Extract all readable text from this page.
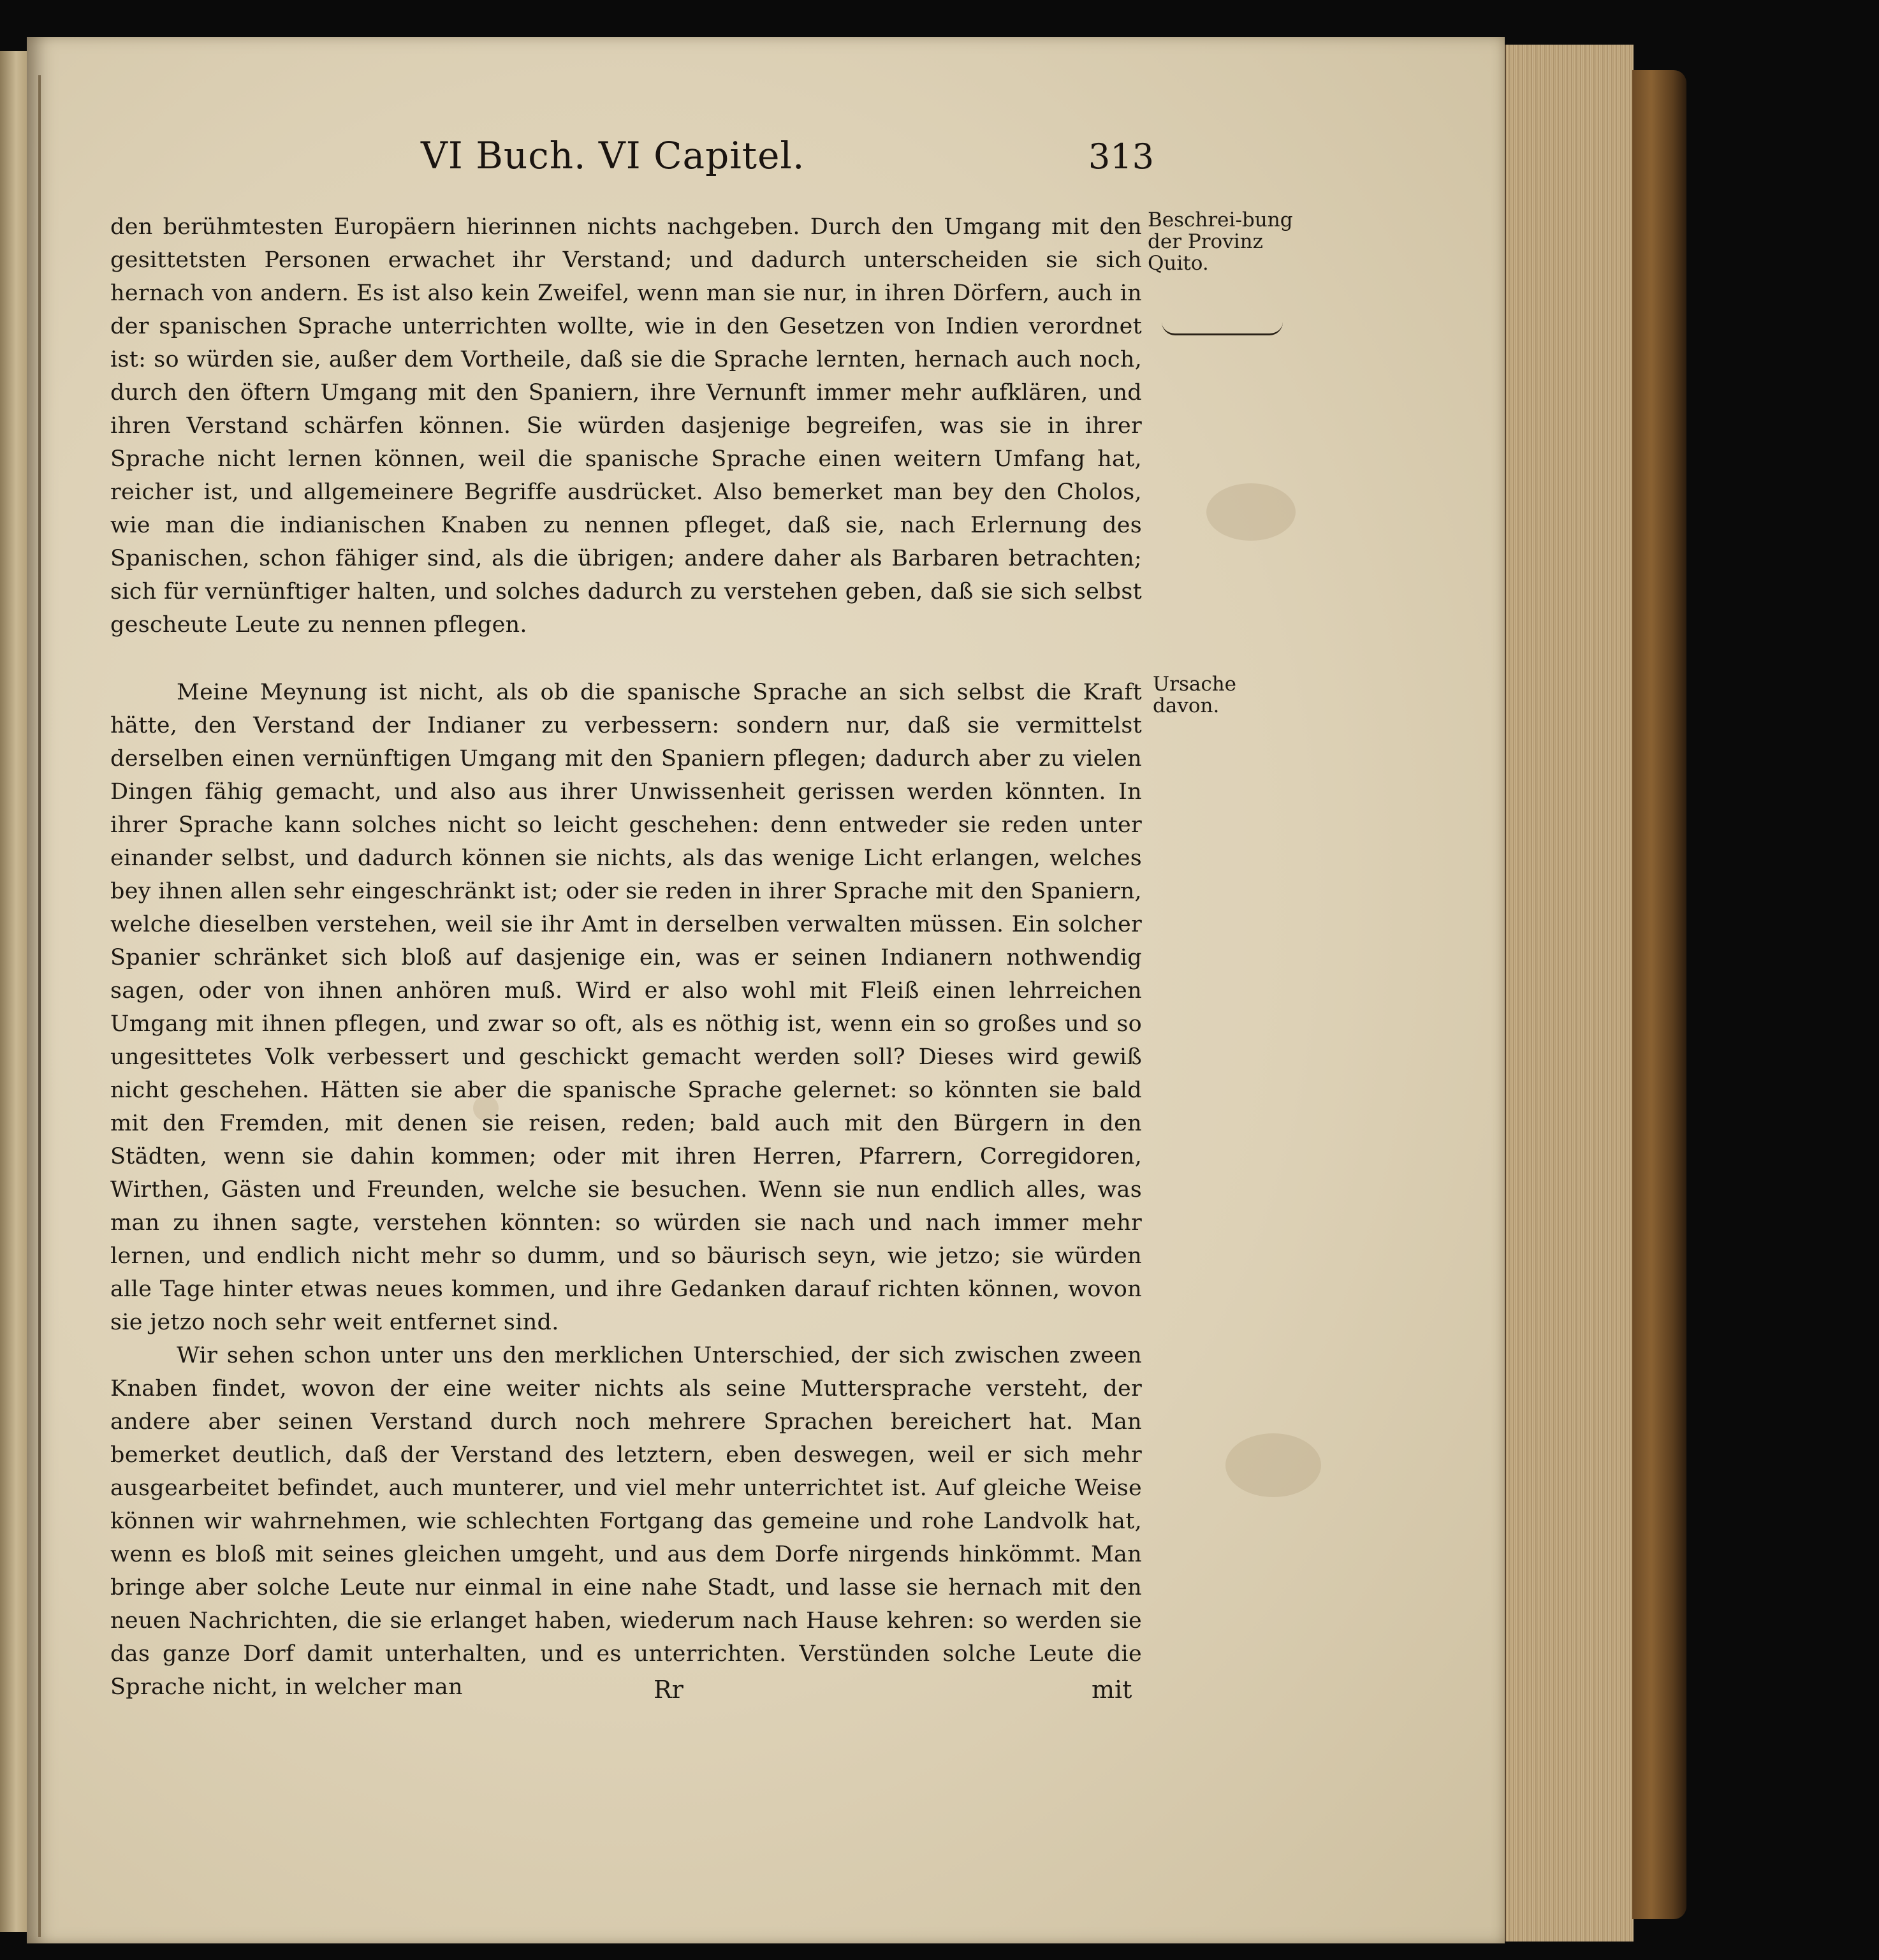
VI Buch. VI Capitel.	313
Beschrei-bung der Provinz Quito.
Ursache davon.

den berühmtesten Europäern hierinnen nichts nachgeben. Durch den Umgang mit den gesittetsten Personen erwachet ihr Verstand; und dadurch unterscheiden sie sich hernach von andern. Es ist also kein Zweifel, wenn man sie nur, in ihren Dörfern, auch in der spanischen Sprache unterrichten wollte, wie in den Gesetzen von Indien verordnet ist: so würden sie, außer dem Vortheile, daß sie die Sprache lernten, hernach auch noch, durch den öftern Umgang mit den Spaniern, ihre Vernunft immer mehr aufklären, und ihren Verstand schärfen können. Sie würden dasjenige begreifen, was sie in ihrer Sprache nicht lernen können, weil die spanische Sprache einen weitern Umfang hat, reicher ist, und allgemeinere Begriffe ausdrücket. Also bemerket man bey den Cholos, wie man die indianischen Knaben zu nennen pfleget, daß sie, nach Erlernung des Spanischen, schon fähiger sind, als die übrigen; andere daher als Barbaren betrachten; sich für vernünftiger halten, und solches dadurch zu verstehen geben, daß sie sich selbst gescheute Leute zu nennen pflegen.

Meine Meynung ist nicht, als ob die spanische Sprache an sich selbst die Kraft hätte, den Verstand der Indianer zu verbessern: sondern nur, daß sie vermittelst derselben einen vernünftigen Umgang mit den Spaniern pflegen; dadurch aber zu vielen Dingen fähig gemacht, und also aus ihrer Unwissenheit gerissen werden könnten. In ihrer Sprache kann solches nicht so leicht geschehen: denn entweder sie reden unter einander selbst, und dadurch können sie nichts, als das wenige Licht erlangen, welches bey ihnen allen sehr eingeschränkt ist; oder sie reden in ihrer Sprache mit den Spaniern, welche dieselben verstehen, weil sie ihr Amt in derselben verwalten müssen. Ein solcher Spanier schränket sich bloß auf dasjenige ein, was er seinen Indianern nothwendig sagen, oder von ihnen anhören muß. Wird er also wohl mit Fleiß einen lehrreichen Umgang mit ihnen pflegen, und zwar so oft, als es nöthig ist, wenn ein so großes und so ungesittetes Volk verbessert und geschickt gemacht werden soll? Dieses wird gewiß nicht geschehen. Hätten sie aber die spanische Sprache gelernet: so könnten sie bald mit den Fremden, mit denen sie reisen, reden; bald auch mit den Bürgern in den Städten, wenn sie dahin kommen; oder mit ihren Herren, Pfarrern, Corregidoren, Wirthen, Gästen und Freunden, welche sie besuchen. Wenn sie nun endlich alles, was man zu ihnen sagte, verstehen könnten: so würden sie nach und nach immer mehr lernen, und endlich nicht mehr so dumm, und so bäurisch seyn, wie jetzo; sie würden alle Tage hinter etwas neues kommen, und ihre Gedanken darauf richten können, wovon sie jetzo noch sehr weit entfernet sind.

Wir sehen schon unter uns den merklichen Unterschied, der sich zwischen zween Knaben findet, wovon der eine weiter nichts als seine Muttersprache versteht, der andere aber seinen Verstand durch noch mehrere Sprachen bereichert hat. Man bemerket deutlich, daß der Verstand des letztern, eben deswegen, weil er sich mehr ausgearbeitet befindet, auch munterer, und viel mehr unterrichtet ist. Auf gleiche Weise können wir wahrnehmen, wie schlechten Fortgang das gemeine und rohe Landvolk hat, wenn es bloß mit seines gleichen umgeht, und aus dem Dorfe nirgends hinkömmt. Man bringe aber solche Leute nur einmal in eine nahe Stadt, und lasse sie hernach mit den neuen Nachrichten, die sie erlanget haben, wiederum nach Hause kehren: so werden sie das ganze Dorf damit unterhalten, und es unterrichten. Verstünden solche Leute die Sprache nicht, in welcher man	Rr	mit
